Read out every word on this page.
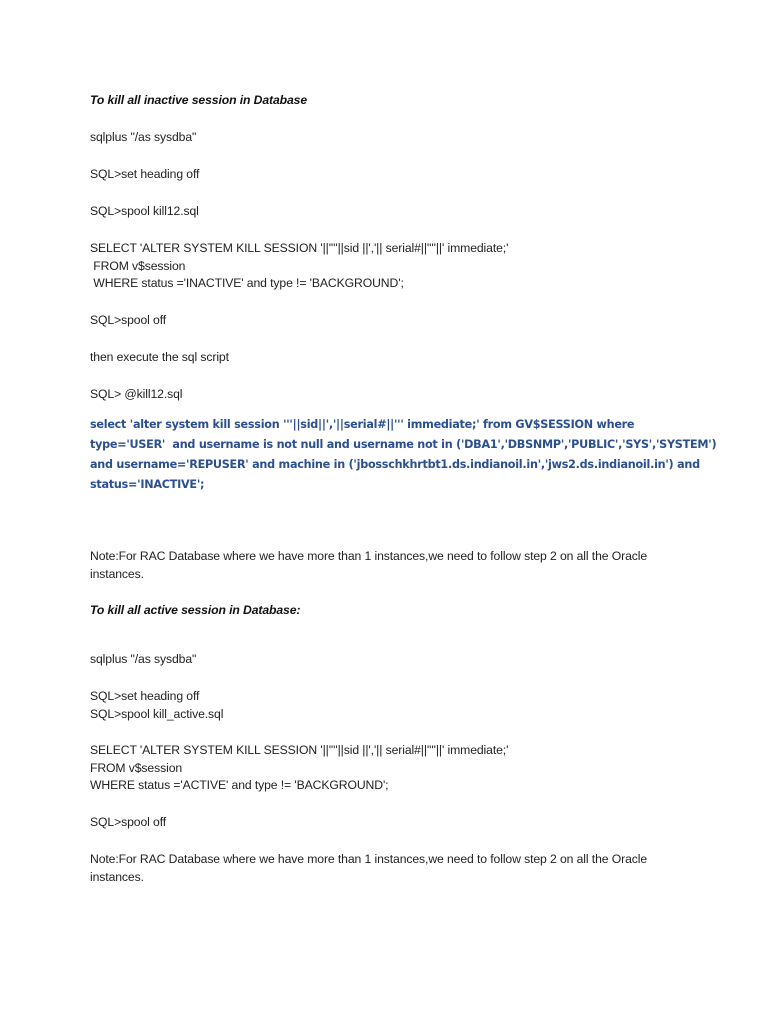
To kill all inactive session in Database

sqlplus "/as sysdba"

SQL>set heading off

SQL>spool kill12.sql

SELECT 'ALTER SYSTEM KILL SESSION '||''''||sid ||','|| serial#||''''||' immediate;'

FROM v$session

WHERE status ='INACTIVE' and type != 'BACKGROUND';

SQL>spool off

then execute the sql script

SQL> @kill12.sql

select 'alter system kill session '''||sid||','||serial#||''' immediate;' from GV$SESSION where

type='USER'  and username is not null and username not in ('DBA1','DBSNMP','PUBLIC','SYS','SYSTEM')

and username='REPUSER' and machine in ('jbosschkhrtbt1.ds.indianoil.in','jws2.ds.indianoil.in') and

status='INACTIVE';

Note:For RAC Database where we have more than 1 instances,we need to follow step 2 on all the Oracle

instances.

To kill all active session in Database:

sqlplus "/as sysdba"

SQL>set heading off

SQL>spool kill_active.sql

SELECT 'ALTER SYSTEM KILL SESSION '||''''||sid ||','|| serial#||''''||' immediate;'

FROM v$session

WHERE status ='ACTIVE' and type != 'BACKGROUND';

SQL>spool off

Note:For RAC Database where we have more than 1 instances,we need to follow step 2 on all the Oracle

instances.
